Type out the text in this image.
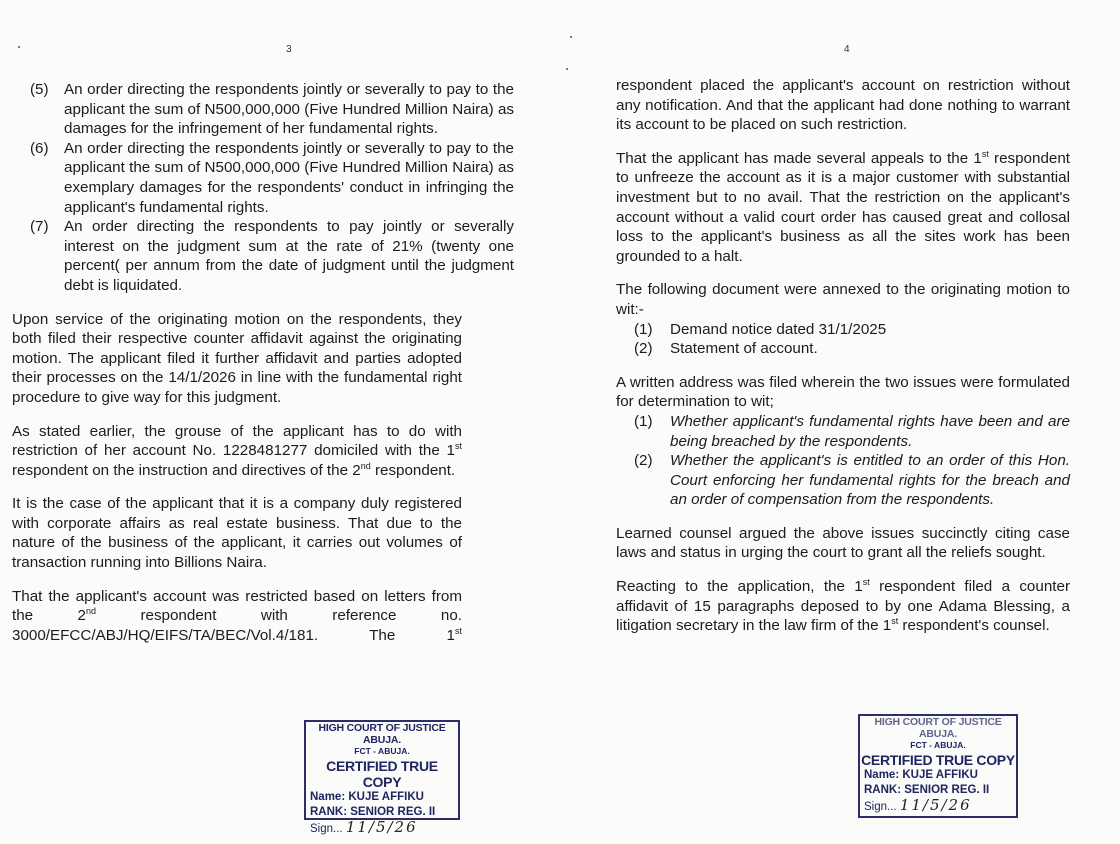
3
(5) An order directing the respondents jointly or severally to pay to the applicant the sum of N500,000,000 (Five Hundred Million Naira) as damages for the infringement of her fundamental rights.
(6) An order directing the respondents jointly or severally to pay to the applicant the sum of N500,000,000 (Five Hundred Million Naira) as exemplary damages for the respondents' conduct in infringing the applicant's fundamental rights.
(7) An order directing the respondents to pay jointly or severally interest on the judgment sum at the rate of 21% (twenty one percent( per annum from the date of judgment until the judgment debt is liquidated.

Upon service of the originating motion on the respondents, they both filed their respective counter affidavit against the originating motion. The applicant filed it further affidavit and parties adopted their processes on the 14/1/2026 in line with the fundamental right procedure to give way for this judgment.

As stated earlier, the grouse of the applicant has to do with restriction of her account No. 1228481277 domiciled with the 1st respondent on the instruction and directives of the 2nd respondent.

It is the case of the applicant that it is a company duly registered with corporate affairs as real estate business. That due to the nature of the business of the applicant, it carries out volumes of transaction running into Billions Naira.

That the applicant's account was restricted based on letters from the 2nd respondent with reference no. 3000/EFCC/ABJ/HQ/EIFS/TA/BEC/Vol.4/181. The 1st

HIGH COURT OF JUSTICE ABUJA.
FCT - ABUJA.
CERTIFIED TRUE COPY
Name: KUJE AFFIKU
RANK: SENIOR REG. II
Sign... 11/5/26
4

respondent placed the applicant's account on restriction without any notification. And that the applicant had done nothing to warrant its account to be placed on such restriction.

That the applicant has made several appeals to the 1st respondent to unfreeze the account as it is a major customer with substantial investment but to no avail. That the restriction on the applicant's account without a valid court order has caused great and collosal loss to the applicant's business as all the sites work has been grounded to a halt.

The following document were annexed to the originating motion to wit:-

(1) Demand notice dated 31/1/2025
(2) Statement of account.

A written address was filed wherein the two issues were formulated for determination to wit;

(1) Whether applicant's fundamental rights have been and are being breached by the respondents.
(2) Whether the applicant's is entitled to an order of this Hon. Court enforcing her fundamental rights for the breach and an order of compensation from the respondents.

Learned counsel argued the above issues succinctly citing case laws and status in urging the court to grant all the reliefs sought.

Reacting to the application, the 1st respondent filed a counter affidavit of 15 paragraphs deposed to by one Adama Blessing, a litigation secretary in the law firm of the 1st respondent's counsel.

HIGH COURT OF JUSTICE ABUJA.
FCT - ABUJA.
CERTIFIED TRUE COPY
Name: KUJE AFFIKU
RANK: SENIOR REG. II
Sign... 11/5/26
